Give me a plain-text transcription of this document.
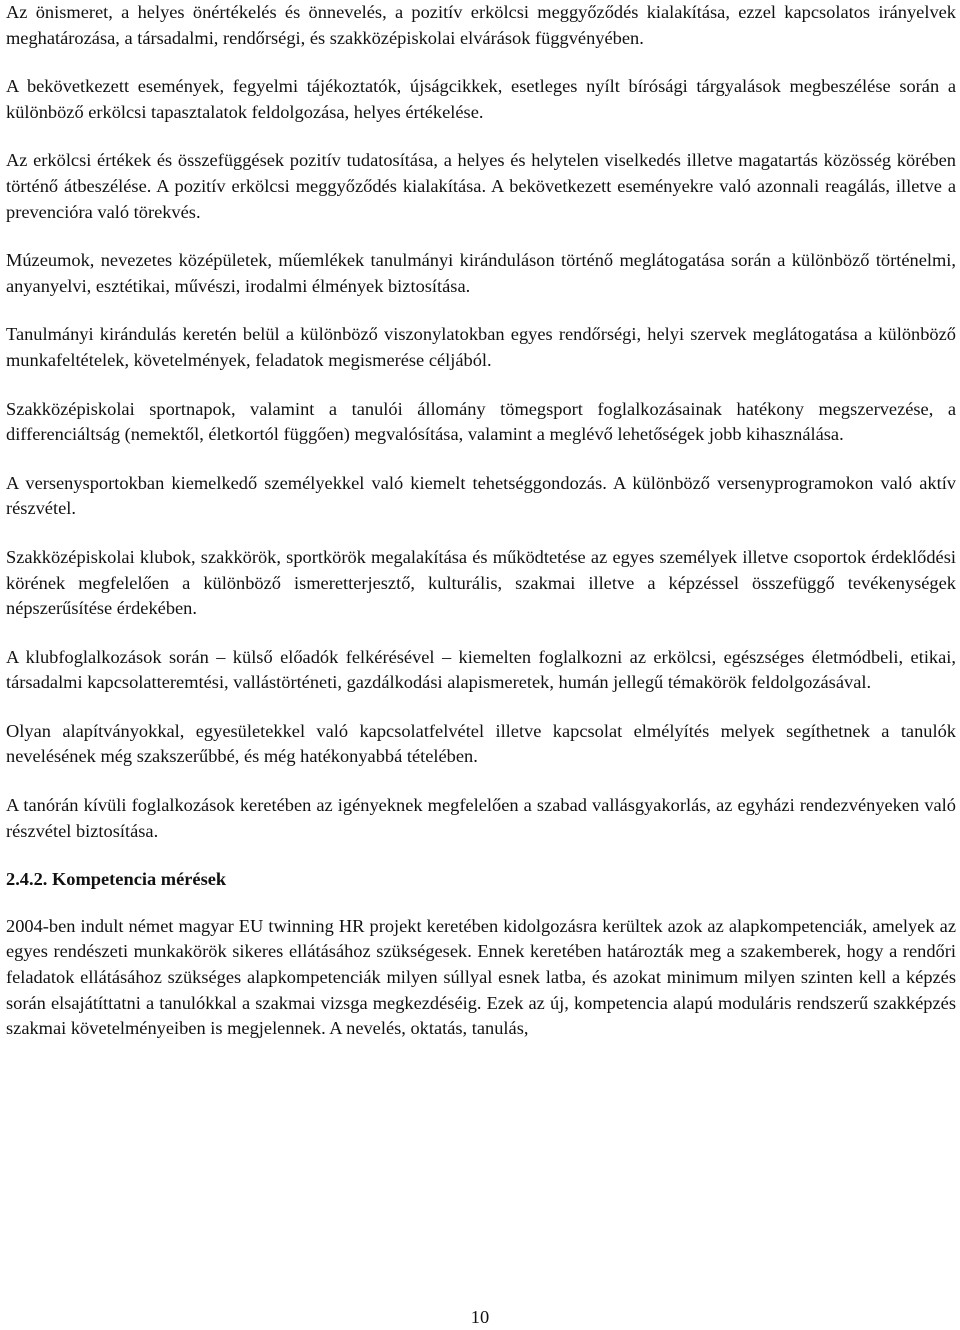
Az önismeret, a helyes önértékelés és önnevelés, a pozitív erkölcsi meggyőződés kialakítása, ezzel kapcsolatos irányelvek meghatározása, a társadalmi, rendőrségi, és szakközépiskolai elvárások függvényében.

A bekövetkezett események, fegyelmi tájékoztatók, újságcikkek, esetleges nyílt bírósági tárgyalások megbeszélése során a különböző erkölcsi tapasztalatok feldolgozása, helyes értékelése.

Az erkölcsi értékek és összefüggések pozitív tudatosítása, a helyes és helytelen viselkedés illetve magatartás közösség körében történő átbeszélése. A pozitív erkölcsi meggyőződés kialakítása. A bekövetkezett eseményekre való azonnali reagálás, illetve a prevencióra való törekvés.

Múzeumok, nevezetes középületek, műemlékek tanulmányi kiránduláson történő meglátogatása során a különböző történelmi, anyanyelvi, esztétikai, művészi, irodalmi élmények biztosítása.

Tanulmányi kirándulás keretén belül a különböző viszonylatokban egyes rendőrségi, helyi szervek meglátogatása a különböző munkafeltételek, követelmények, feladatok megismerése céljából.

Szakközépiskolai sportnapok, valamint a tanulói állomány tömegsport foglalkozásainak hatékony megszervezése, a differenciáltság (nemektől, életkortól függően) megvalósítása, valamint a meglévő lehetőségek jobb kihasználása.

A versenysportokban kiemelkedő személyekkel való kiemelt tehetséggondozás. A különböző versenyprogramokon való aktív részvétel.

Szakközépiskolai klubok, szakkörök, sportkörök megalakítása és működtetése az egyes személyek illetve csoportok érdeklődési körének megfelelően a különböző ismeretterjesztő, kulturális, szakmai illetve a képzéssel összefüggő tevékenységek népszerűsítése érdekében.

A klubfoglalkozások során – külső előadók felkérésével – kiemelten foglalkozni az erkölcsi, egészséges életmódbeli, etikai, társadalmi kapcsolatteremtési, vallástörténeti, gazdálkodási alapismeretek, humán jellegű témakörök feldolgozásával.

Olyan alapítványokkal, egyesületekkel való kapcsolatfelvétel illetve kapcsolat elmélyítés melyek segíthetnek a tanulók nevelésének még szakszerűbbé, és még hatékonyabbá tételében.

A tanórán kívüli foglalkozások keretében az igényeknek megfelelően a szabad vallásgyakorlás, az egyházi rendezvényeken való részvétel biztosítása.

2.4.2. Kompetencia mérések

2004-ben indult német magyar EU twinning HR projekt keretében kidolgozásra kerültek azok az alapkompetenciák, amelyek az egyes rendészeti munkakörök sikeres ellátásához szükségesek. Ennek keretében határozták meg a szakemberek, hogy a rendőri feladatok ellátásához szükséges alapkompetenciák milyen súllyal esnek latba, és azokat minimum milyen szinten kell a képzés során elsajátíttatni a tanulókkal a szakmai vizsga megkezdéséig. Ezek az új, kompetencia alapú moduláris rendszerű szakképzés szakmai követelményeiben is megjelennek. A nevelés, oktatás, tanulás,

10
